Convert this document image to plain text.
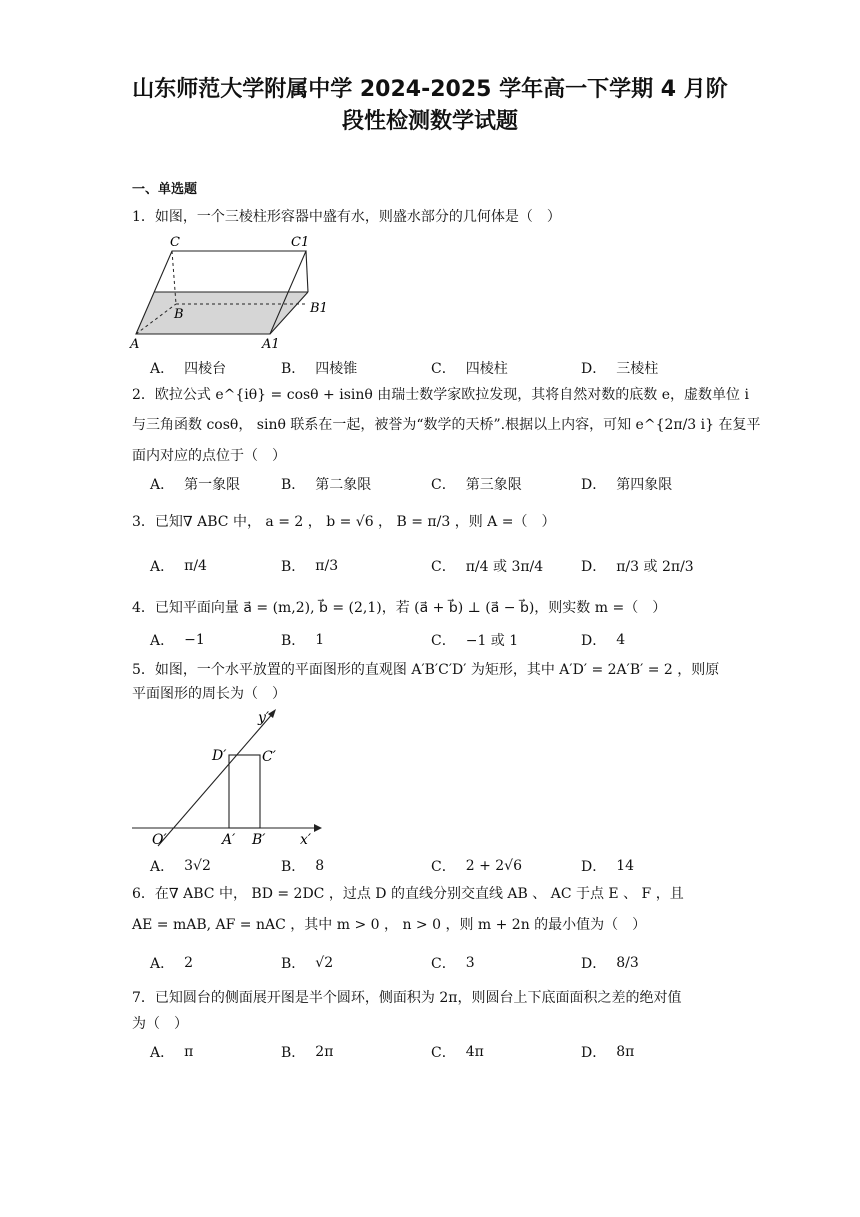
山东师范大学附属中学 2024-2025 学年高一下学期 4 月阶
段性检测数学试题
一、单选题
1．如图，一个三棱柱形容器中盛有水，则盛水部分的几何体是（　）
C	C1
B	B1
A	A1
A． 四棱台	B． 四棱锥	C． 四棱柱	D． 三棱柱
2．欧拉公式 e^{iθ} = cosθ + isinθ 由瑞士数学家欧拉发现，其将自然对数的底数 e，虚数单位 i
与三角函数 cosθ， sinθ 联系在一起，被誉为“数学的天桥”.根据以上内容，可知 e^{2π/3 i} 在复平
面内对应的点位于（　）
A． 第一象限	B． 第二象限	C． 第三象限	D． 第四象限
3．已知∇ ABC 中， a = 2 ， b = √6 ， B = π/3 ，则 A =（　）
A． π/4	B． π/3	C． π/4 或 3π/4	D． π/3 或 2π/3
4．已知平面向量 a⃗ = (m,2), b⃗ = (2,1)，若 (a⃗ + b⃗) ⊥ (a⃗ − b⃗)，则实数 m =（　）
A． −1	B． 1	C． −1 或 1	D． 4
5．如图，一个水平放置的平面图形的直观图 A′B′C′D′ 为矩形，其中 A′D′ = 2A′B′ = 2 ，则原
平面图形的周长为（　）
y′
D′	C′
O′	A′ B′ x′
A． 3√2	B． 8	C． 2 + 2√6	D． 14
6．在∇ ABC 中， BD = 2DC ，过点 D 的直线分别交直线 AB 、 AC 于点 E 、 F ，且
AE = mAB, AF = nAC ，其中 m > 0 ， n > 0 ，则 m + 2n 的最小值为（　）
A． 2	B． √2	C． 3	D． 8/3
7．已知圆台的侧面展开图是半个圆环，侧面积为 2π，则圆台上下底面面积之差的绝对值
为（　）
A． π	B． 2π	C． 4π	D． 8π
